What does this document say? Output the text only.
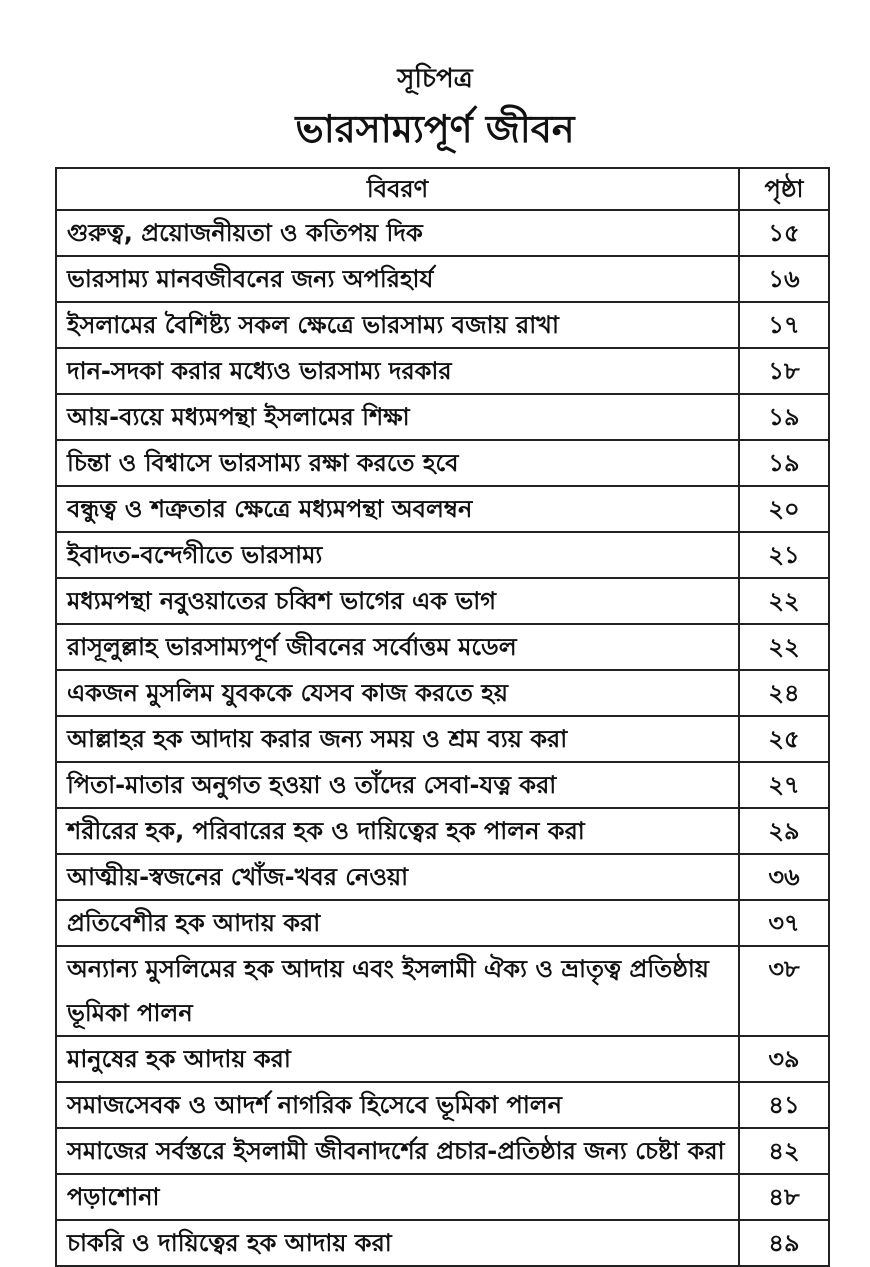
সূচিপত্র
ভারসাম্যপূর্ণ জীবন
বিবরণ	পৃষ্ঠা
গুরুত্ব, প্রয়োজনীয়তা ও কতিপয় দিক	১৫
ভারসাম্য মানবজীবনের জন্য অপরিহার্য	১৬
ইসলামের বৈশিষ্ট্য সকল ক্ষেত্রে ভারসাম্য বজায় রাখা	১৭
দান-সদকা করার মধ্যেও ভারসাম্য দরকার	১৮
আয়-ব্যয়ে মধ্যমপন্থা ইসলামের শিক্ষা	১৯
চিন্তা ও বিশ্বাসে ভারসাম্য রক্ষা করতে হবে	১৯
বন্ধুত্ব ও শত্রুতার ক্ষেত্রে মধ্যমপন্থা অবলম্বন	২০
ইবাদত-বন্দেগীতে ভারসাম্য	২১
মধ্যমপন্থা নবুওয়াতের চব্বিশ ভাগের এক ভাগ	২২
রাসূলুল্লাহ ভারসাম্যপূর্ণ জীবনের সর্বোত্তম মডেল	২২
একজন মুসলিম যুবককে যেসব কাজ করতে হয়	২৪
আল্লাহর হক আদায় করার জন্য সময় ও শ্রম ব্যয় করা	২৫
পিতা-মাতার অনুগত হওয়া ও তাঁদের সেবা-যত্ন করা	২৭
শরীরের হক, পরিবারের হক ও দায়িত্বের হক পালন করা	২৯
আত্মীয়-স্বজনের খোঁজ-খবর নেওয়া	৩৬
প্রতিবেশীর হক আদায় করা	৩৭
অন্যান্য মুসলিমের হক আদায় এবং ইসলামী ঐক্য ও ভ্রাতৃত্ব প্রতিষ্ঠায় ভূমিকা পালন	৩৮
মানুষের হক আদায় করা	৩৯
সমাজসেবক ও আদর্শ নাগরিক হিসেবে ভূমিকা পালন	৪১
সমাজের সর্বস্তরে ইসলামী জীবনাদর্শের প্রচার-প্রতিষ্ঠার জন্য চেষ্টা করা	৪২
পড়াশোনা	৪৮
চাকরি ও দায়িত্বের হক আদায় করা	৪৯
